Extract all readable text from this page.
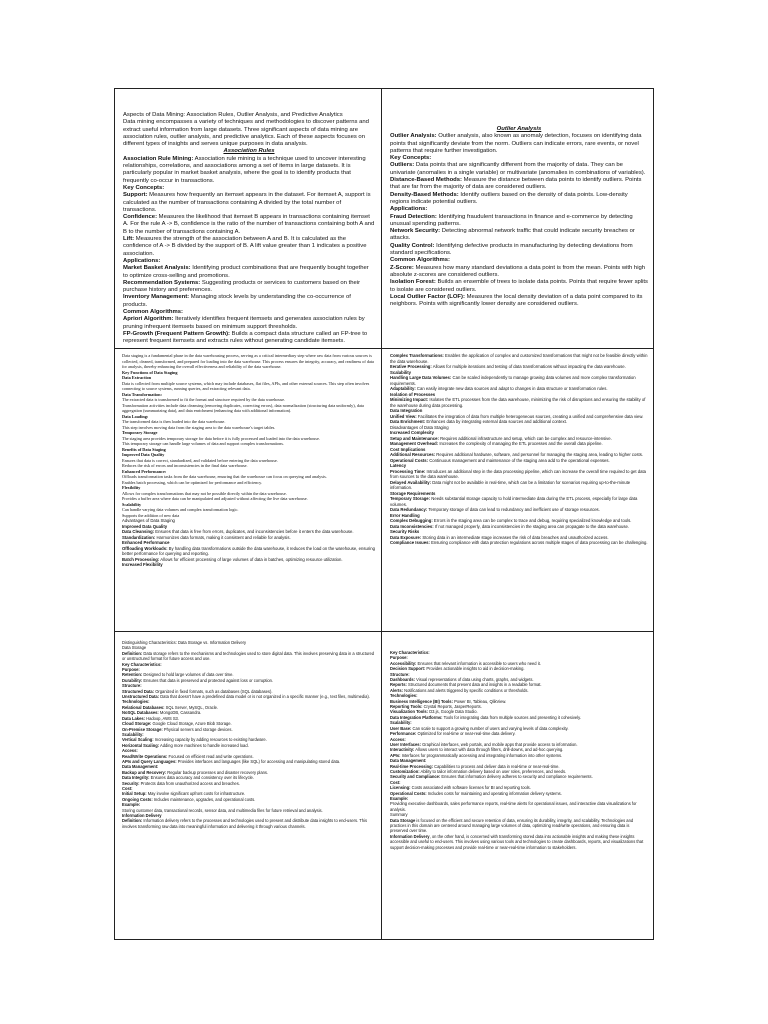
Aspects of Data Mining: Association Rules, Outlier Analysis, and Predictive Analytics

Data mining encompasses a variety of techniques and methodologies to discover patterns and extract useful information from large datasets. Three significant aspects of data mining are association rules, outlier analysis, and predictive analytics. Each of these aspects focuses on different types of insights and serves unique purposes in data analysis.

Association Rules

Association Rule Mining: Association rule mining is a technique used to uncover interesting relationships, correlations, and associations among a set of items in large datasets. It is particularly popular in market basket analysis, where the goal is to identify products that frequently co-occur in transactions.

Key Concepts:

Support: Measures how frequently an itemset appears in the dataset. For itemset A, support is calculated as the number of transactions containing A divided by the total number of transactions.

Confidence: Measures the likelihood that itemset B appears in transactions containing itemset A. For the rule A -> B, confidence is the ratio of the number of transactions containing both A and B to the number of transactions containing A.

Lift: Measures the strength of the association between A and B. It is calculated as the confidence of A -> B divided by the support of B. A lift value greater than 1 indicates a positive association.

Applications:

Market Basket Analysis: Identifying product combinations that are frequently bought together to optimize cross-selling and promotions.

Recommendation Systems: Suggesting products or services to customers based on their purchase history and preferences.

Inventory Management: Managing stock levels by understanding the co-occurrence of products.

Common Algorithms:

Apriori Algorithm: Iteratively identifies frequent itemsets and generates association rules by pruning infrequent itemsets based on minimum support thresholds.

FP-Growth (Frequent Pattern Growth): Builds a compact data structure called an FP-tree to represent frequent itemsets and extracts rules without generating candidate itemsets.

Outlier Analysis

Outlier Analysis: Outlier analysis, also known as anomaly detection, focuses on identifying data points that significantly deviate from the norm. Outliers can indicate errors, rare events, or novel patterns that require further investigation.

Key Concepts:

Outliers: Data points that are significantly different from the majority of data. They can be univariate (anomalies in a single variable) or multivariate (anomalies in combinations of variables).

Distance-Based Methods: Measure the distance between data points to identify outliers. Points that are far from the majority of data are considered outliers.

Density-Based Methods: Identify outliers based on the density of data points. Low-density regions indicate potential outliers.

Applications:

Fraud Detection: Identifying fraudulent transactions in finance and e-commerce by detecting unusual spending patterns.

Network Security: Detecting abnormal network traffic that could indicate security breaches or attacks.

Quality Control: Identifying defective products in manufacturing by detecting deviations from standard specifications.

Common Algorithms:

Z-Score: Measures how many standard deviations a data point is from the mean. Points with high absolute z-scores are considered outliers.

Isolation Forest: Builds an ensemble of trees to isolate data points. Points that require fewer splits to isolate are considered outliers.

Local Outlier Factor (LOF): Measures the local density deviation of a data point compared to its neighbors. Points with significantly lower density are considered outliers.

Data staging is a fundamental phase in the data warehousing process, serving as a critical intermediary step where raw data from various sources is collected, cleaned, transformed, and prepared for loading into the data warehouse. This process ensures the integrity, accuracy, and readiness of data for analysis, thereby enhancing the overall effectiveness and reliability of the data warehouse.

Key Functions of Data Staging

Data Extraction

Data is collected from multiple source systems, which may include databases, flat files, APIs, and other external sources. This step often involves connecting to source systems, running queries, and extracting relevant data.

Data Transformation:

The extracted data is transformed to fit the format and structure required by the data warehouse.

Transformation activities include data cleansing (removing duplicates, correcting errors), data normalization (structuring data uniformly), data aggregation (summarizing data), and data enrichment (enhancing data with additional information).

Data Loading:

The transformed data is then loaded into the data warehouse.

This step involves moving data from the staging area to the data warehouse's target tables.

Temporary Storage

The staging area provides temporary storage for data before it is fully processed and loaded into the data warehouse.

This temporary storage can handle large volumes of data and support complex transformations.

Benefits of Data Staging

Improved Data Quality

Ensures that data is correct, standardized, and validated before entering the data warehouse.

Reduces the risk of errors and inconsistencies in the final data warehouse.

Enhanced Performance:

Offloads transformation tasks from the data warehouse, ensuring that the warehouse can focus on querying and analysis.

Enables batch processing, which can be optimized for performance and efficiency.

Flexibility

Allows for complex transformations that may not be possible directly within the data warehouse.

Provides a buffer area where data can be manipulated and adjusted without affecting the live data warehouse.

Scalability

Can handle varying data volumes and complex transformation logic.

Supports the addition of new data

Advantages of Data Staging

Improved Data Quality

Data Cleansing: Ensures that data is free from errors, duplicates, and inconsistencies before it enters the data warehouse.

Standardization: Harmonizes data formats, making it consistent and reliable for analysis.

Enhanced Performance

Offloading Workloads: By handling data transformations outside the data warehouse, it reduces the load on the warehouse, ensuring better performance for querying and reporting.

Batch Processing: Allows for efficient processing of large volumes of data in batches, optimizing resource utilization.

Increased Flexibility

Complex Transformations: Enables the application of complex and customized transformations that might not be feasible directly within the data warehouse.

Iterative Processing: Allows for multiple iterations and testing of data transformations without impacting the data warehouse.

Scalability

Handling Large Data Volumes: Can be scaled independently to manage growing data volumes and more complex transformation requirements.

Adaptability: Can easily integrate new data sources and adapt to changes in data structure or transformation rules.

Isolation of Processes

Minimizing Impact: Isolates the ETL processes from the data warehouse, minimizing the risk of disruptions and ensuring the stability of the warehouse during data processing.

Data Integration

Unified View: Facilitates the integration of data from multiple heterogeneous sources, creating a unified and comprehensive data view.

Data Enrichment: Enhances data by integrating external data sources and additional context.

Disadvantages of Data Staging

Increased Complexity

Setup and Maintenance: Requires additional infrastructure and setup, which can be complex and resource-intensive.

Management Overhead: Increases the complexity of managing the ETL processes and the overall data pipeline.

Cost Implications

Additional Resources: Requires additional hardware, software, and personnel for managing the staging area, leading to higher costs.

Operational Costs: Continuous management and maintenance of the staging area add to the operational expenses.

Latency

Processing Time: Introduces an additional step in the data processing pipeline, which can increase the overall time required to get data from sources to the data warehouse.

Delayed Availability: Data might not be available in real-time, which can be a limitation for scenarios requiring up-to-the-minute information.

Storage Requirements

Temporary Storage: Needs substantial storage capacity to hold intermediate data during the ETL process, especially for large data volumes.

Data Redundancy: Temporary storage of data can lead to redundancy and inefficient use of storage resources.

Error Handling

Complex Debugging: Errors in the staging area can be complex to trace and debug, requiring specialized knowledge and tools.

Data Inconsistencies: If not managed properly, data inconsistencies in the staging area can propagate to the data warehouse.

Security Risks

Data Exposure: Storing data in an intermediate stage increases the risk of data breaches and unauthorized access.

Compliance Issues: Ensuring compliance with data protection regulations across multiple stages of data processing can be challenging.

Distinguishing Characteristics: Data Storage vs. Information Delivery

Data Storage

Definition: Data storage refers to the mechanisms and technologies used to store digital data. This involves preserving data in a structured or unstructured format for future access and use.

Key Characteristics:

Purpose:

Retention: Designed to hold large volumes of data over time.

Durability: Ensures that data is preserved and protected against loss or corruption.

Structure:

Structured Data: Organized in fixed formats, such as databases (SQL databases).

Unstructured Data: Data that doesn't have a predefined data model or is not organized in a specific manner (e.g., text files, multimedia).

Technologies:

Relational Databases: SQL Server, MySQL, Oracle.

NoSQL Databases: MongoDB, Cassandra.

Data Lakes: Hadoop, AWS S3.

Cloud Storage: Google Cloud Storage, Azure Blob Storage.

On-Premise Storage: Physical servers and storage devices.

Scalability:

Vertical Scaling: Increasing capacity by adding resources to existing hardware.

Horizontal Scaling: Adding more machines to handle increased load.

Access:

Read/Write Operations: Focused on efficient read and write operations.

APIs and Query Languages: Provides interfaces and languages (like SQL) for accessing and manipulating stored data.

Data Management:

Backup and Recovery: Regular backup processes and disaster recovery plans.

Data Integrity: Ensures data accuracy and consistency over its lifecycle.

Security: Protects data from unauthorized access and breaches.

Cost:

Initial Setup: May involve significant upfront costs for infrastructure.

Ongoing Costs: Includes maintenance, upgrades, and operational costs.

Example:

Storing customer data, transactional records, sensor data, and multimedia files for future retrieval and analysis.

Information Delivery

Definition: Information delivery refers to the processes and technologies used to present and distribute data insights to end-users. This involves transforming raw data into meaningful information and delivering it through various channels.

Key Characteristics:

Purpose:

Accessibility: Ensures that relevant information is accessible to users who need it.

Decision Support: Provides actionable insights to aid in decision-making.

Structure:

Dashboards: Visual representations of data using charts, graphs, and widgets.

Reports: Structured documents that present data and insights in a readable format.

Alerts: Notifications and alerts triggered by specific conditions or thresholds.

Technologies:

Business Intelligence (BI) Tools: Power BI, Tableau, QlikView.

Reporting Tools: Crystal Reports, JasperReports.

Visualization Tools: D3.js, Google Data Studio.

Data Integration Platforms: Tools for integrating data from multiple sources and presenting it cohesively.

Scalability:

User Base: Can scale to support a growing number of users and varying levels of data complexity.

Performance: Optimized for real-time or near-real-time data delivery.

Access:

User Interfaces: Graphical interfaces, web portals, and mobile apps that provide access to information.

Interactivity: Allows users to interact with data through filters, drill-downs, and ad-hoc querying.

APIs: Interfaces for programmatically accessing and integrating information into other systems.

Data Management:

Real-time Processing: Capabilities to process and deliver data in real-time or near-real-time.

Customization: Ability to tailor information delivery based on user roles, preferences, and needs.

Security and Compliance: Ensures that information delivery adheres to security and compliance requirements.

Cost:

Licensing: Costs associated with software licenses for BI and reporting tools.

Operational Costs: Includes costs for maintaining and operating information delivery systems.

Example:

Providing executive dashboards, sales performance reports, real-time alerts for operational issues, and interactive data visualizations for analysis.

Summary

Data Storage is focused on the efficient and secure retention of data, ensuring its durability, integrity, and scalability. Technologies and practices in this domain are centered around managing large volumes of data, optimizing read/write operations, and ensuring data is preserved over time.

Information Delivery, on the other hand, is concerned with transforming stored data into actionable insights and making these insights accessible and useful to end-users. This involves using various tools and technologies to create dashboards, reports, and visualizations that support decision-making processes and provide real-time or near-real-time information to stakeholders.
